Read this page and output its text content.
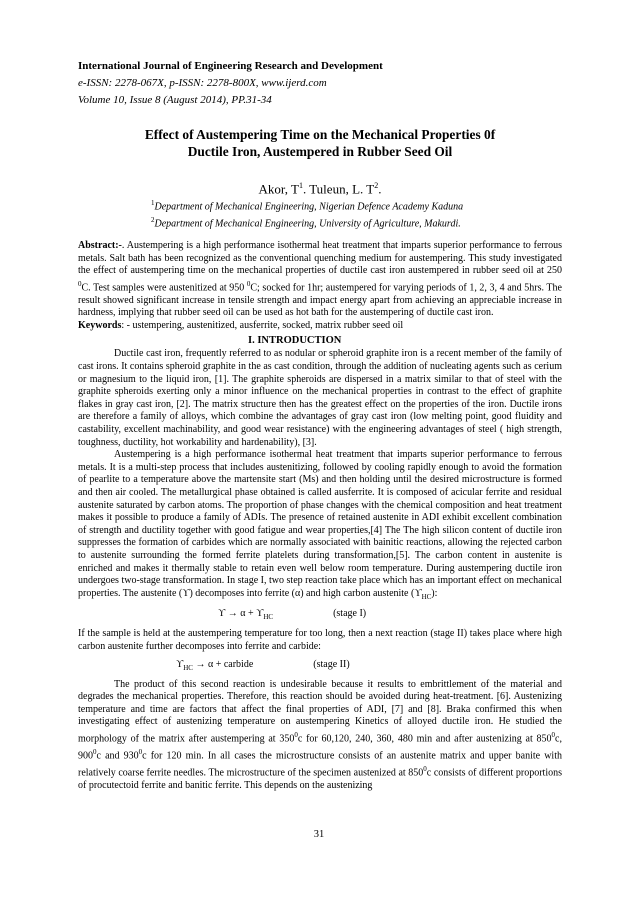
International Journal of Engineering Research and Development
e-ISSN: 2278-067X, p-ISSN: 2278-800X, www.ijerd.com
Volume 10, Issue 8 (August 2014), PP.31-34
Effect of Austempering Time on the Mechanical Properties 0f
Ductile Iron, Austempered in Rubber Seed Oil
Akor, $T^1$. Tuleun, L. $T^2$.
$^1$Department of Mechanical Engineering, Nigerian Defence Academy Kaduna
$^2$Department of Mechanical Engineering, University of Agriculture, Makurdi.

Abstract:-. Austempering is a high performance isothermal heat treatment that imparts superior performance to ferrous metals. Salt bath has been recognized as the conventional quenching medium for austempering. This study investigated the effect of austempering time on the mechanical properties of ductile cast iron austempered in rubber seed oil at 250 $^0$C. Test samples were austenitized at 950 $^0$C; socked for 1hr; austempered for varying periods of 1, 2, 3, 4 and 5hrs. The result showed significant increase in tensile strength and impact energy apart from achieving an appreciable increase in hardness, implying that rubber seed oil can be used as hot bath for the austempering of ductile cast iron.

Keywords: - ustempering, austenitized, ausferrite, socked, matrix rubber seed oil

I. INTRODUCTION

Ductile cast iron, frequently referred to as nodular or spheroid graphite iron is a recent member of the family of cast irons. It contains spheroid graphite in the as cast condition, through the addition of nucleating agents such as cerium or magnesium to the liquid iron, [1]. The graphite spheroids are dispersed in a matrix similar to that of steel with the graphite spheroids exerting only a minor influence on the mechanical properties in contrast to the effect of graphite flakes in gray cast iron, [2]. The matrix structure then has the greatest effect on the properties of the iron. Ductile irons are therefore a family of alloys, which combine the advantages of gray cast iron (low melting point, good fluidity and castability, excellent machinability, and good wear resistance) with the engineering advantages of steel ( high strength, toughness, ductility, hot workability and hardenability), [3].

Austempering is a high performance isothermal heat treatment that imparts superior performance to ferrous metals. It is a multi-step process that includes austenitizing, followed by cooling rapidly enough to avoid the formation of pearlite to a temperature above the martensite start (Ms) and then holding until the desired microstructure is formed and then air cooled. The metallurgical phase obtained is called ausferrite. It is composed of acicular ferrite and residual austenite saturated by carbon atoms. The proportion of phase changes with the chemical composition and heat treatment makes it possible to produce a family of ADIs. The presence of retained austenite in ADI exhibit excellent combination of strength and ductility together with good fatigue and wear properties,[4] The The high silicon content of ductile iron suppresses the formation of carbides which are normally associated with bainitic reactions, allowing the rejected carbon to austenite surrounding the formed ferrite platelets during transformation,[5]. The carbon content in austenite is enriched and makes it thermally stable to retain even well below room temperature. During austempering ductile iron undergoes two-stage transformation. In stage I, two step reaction take place which has an important effect on mechanical properties. The austenite (ϒ) decomposes into ferrite (α) and high carbon austenite $(ϒ_{HC})$:

$ϒ \to \alpha + ϒ_{HC}$	(stage I)

If the sample is held at the austempering temperature for too long, then a next reaction (stage II) takes place where high carbon austenite further decomposes into ferrite and carbide:

$ϒ_{HC} \to \alpha$ + carbide	(stage II)

The product of this second reaction is undesirable because it results to embrittlement of the material and degrades the mechanical properties. Therefore, this reaction should be avoided during heat-treatment. [6]. Austenizing temperature and time are factors that affect the final properties of ADI, [7] and [8]. Braka confirmed this when investigating effect of austenizing temperature on austempering Kinetics of alloyed ductile iron. He studied the morphology of the matrix after austempering at $350^0c$ for 60,120, 240, 360, 480 min and after austenizing at $850^0c$, $900^0c$ and $930^0c$ for 120 min. In all cases the microstructure consists of an austenite matrix and upper banite with relatively coarse ferrite needles. The microstructure of the specimen austenized at $850^0c$ consists of different proportions of procutectoid ferrite and banitic ferrite. This depends on the austenizing

31
